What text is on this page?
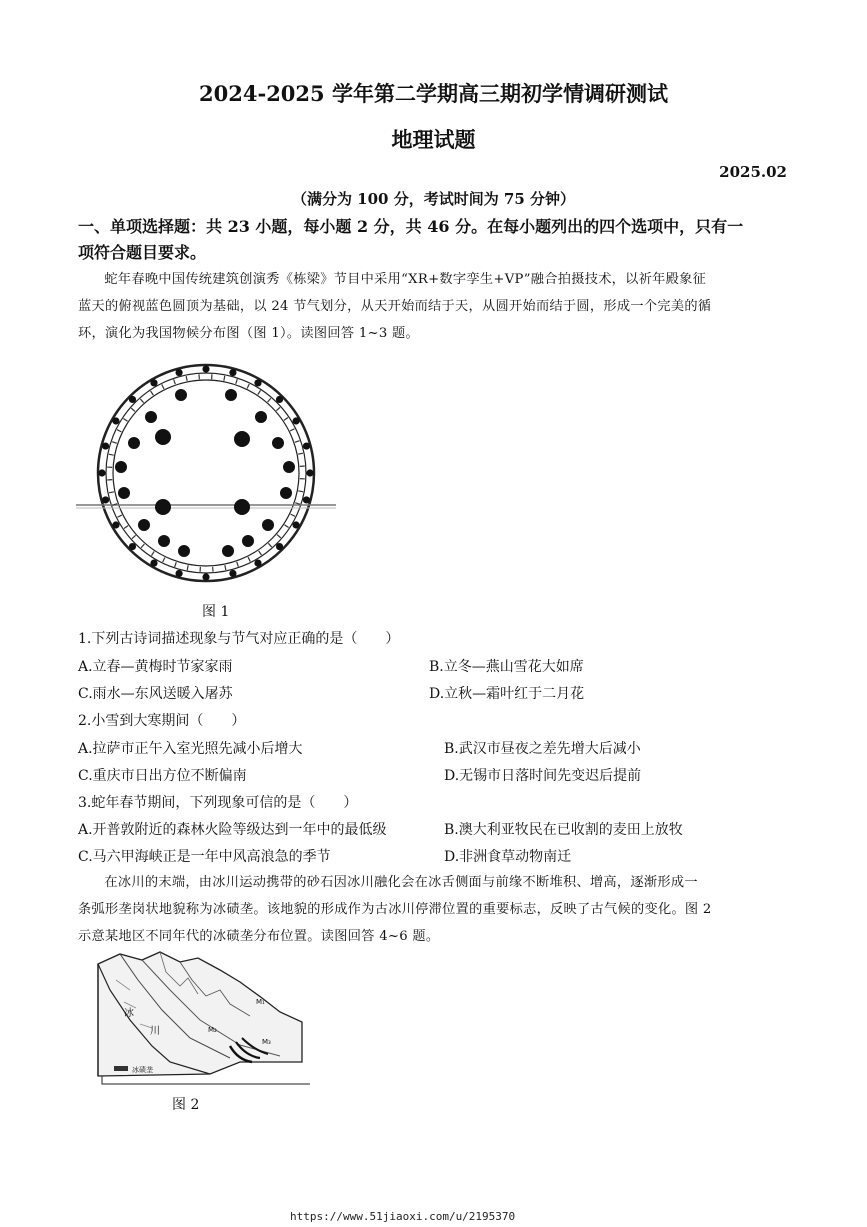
2024-2025 学年第二学期高三期初学情调研测试
地理试题
2025.02
（满分为 100 分，考试时间为 75 分钟）
一、单项选择题：共 23 小题，每小题 2 分，共 46 分。在每小题列出的四个选项中，只有一
项符合题目要求。
蛇年春晚中国传统建筑创演秀《栋梁》节目中采用“XR+数字孪生+VP”融合拍摄技术，以祈年殿象征
蓝天的俯视蓝色圆顶为基础，以 24 节气划分，从天开始而结于天，从圆开始而结于圆，形成一个完美的循
环，演化为我国物候分布图（图 1）。读图回答 1~3 题。
图 1
1.下列古诗词描述现象与节气对应正确的是（　　）
A.立春—黄梅时节家家雨	B.立冬—燕山雪花大如席
C.雨水—东风送暖入屠苏	D.立秋—霜叶红于二月花
2.小雪到大寒期间（　　）
A.拉萨市正午入室光照先减小后增大	B.武汉市昼夜之差先增大后减小
C.重庆市日出方位不断偏南	D.无锡市日落时间先变迟后提前
3.蛇年春节期间，下列现象可信的是（　　）
A.开普敦附近的森林火险等级达到一年中的最低级	B.澳大利亚牧民在已收割的麦田上放牧
C.马六甲海峡正是一年中风高浪急的季节	D.非洲食草动物南迁
在冰川的末端，由冰川运动携带的砂石因冰川融化会在冰舌侧面与前缘不断堆积、增高，逐渐形成一
条弧形垄岗状地貌称为冰碛垄。该地貌的形成作为古冰川停滞位置的重要标志，反映了古气候的变化。图 2
示意某地区不同年代的冰碛垄分布位置。读图回答 4~6 题。
冰
川
M₁
M₂
M₃
冰碛垄
图 2
https://www.51jiaoxi.com/u/2195370
